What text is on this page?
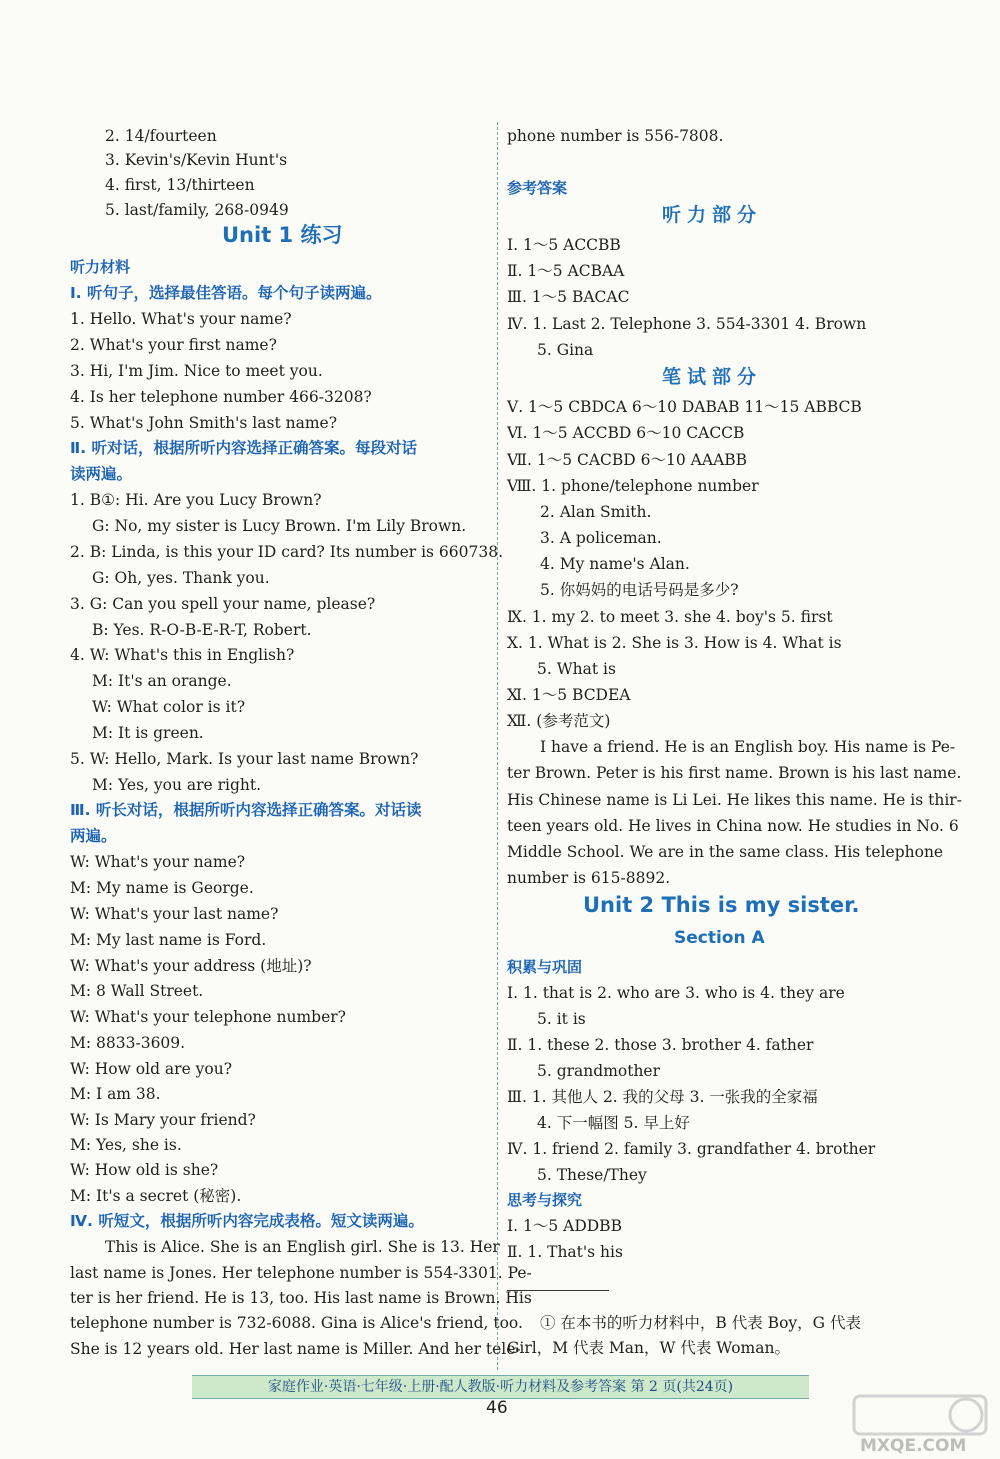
2. 14/fourteen
3. Kevin's/Kevin Hunt's
4. first, 13/thirteen
5. last/family, 268-0949
Unit 1 练习
听力材料
Ⅰ. 听句子，选择最佳答语。每个句子读两遍。
1. Hello. What's your name?
2. What's your first name?
3. Hi, I'm Jim. Nice to meet you.
4. Is her telephone number 466-3208?
5. What's John Smith's last name?
Ⅱ. 听对话，根据所听内容选择正确答案。每段对话
读两遍。
1. B①: Hi. Are you Lucy Brown?
G: No, my sister is Lucy Brown. I'm Lily Brown.
2. B: Linda, is this your ID card? Its number is 660738.
G: Oh, yes. Thank you.
3. G: Can you spell your name, please?
B: Yes. R-O-B-E-R-T, Robert.
4. W: What's this in English?
M: It's an orange.
W: What color is it?
M: It is green.
5. W: Hello, Mark. Is your last name Brown?
M: Yes, you are right.
Ⅲ. 听长对话，根据所听内容选择正确答案。对话读
两遍。
W: What's your name?
M: My name is George.
W: What's your last name?
M: My last name is Ford.
W: What's your address (地址)?
M: 8 Wall Street.
W: What's your telephone number?
M: 8833-3609.
W: How old are you?
M: I am 38.
W: Is Mary your friend?
M: Yes, she is.
W: How old is she?
M: It's a secret (秘密).
Ⅳ. 听短文，根据所听内容完成表格。短文读两遍。
This is Alice. She is an English girl. She is 13. Her
last name is Jones. Her telephone number is 554-3301. Pe-
ter is her friend. He is 13, too. His last name is Brown. His
telephone number is 732-6088. Gina is Alice's friend, too.
She is 12 years old. Her last name is Miller. And her tele-
phone number is 556-7808.
参考答案
听力部分
Ⅰ. 1～5 ACCBB
Ⅱ. 1～5 ACBAA
Ⅲ. 1～5 BACAC
Ⅳ. 1. Last 2. Telephone 3. 554-3301 4. Brown
5. Gina
笔试部分
Ⅴ. 1～5 CBDCA 6～10 DABAB 11～15 ABBCB
Ⅵ. 1～5 ACCBD 6～10 CACCB
Ⅶ. 1～5 CACBD 6～10 AAABB
Ⅷ. 1. phone/telephone number
2. Alan Smith.
3. A policeman.
4. My name's Alan.
5. 你妈妈的电话号码是多少?
Ⅸ. 1. my 2. to meet 3. she 4. boy's 5. first
Ⅹ. 1. What is 2. She is 3. How is 4. What is
5. What is
Ⅺ. 1～5 BCDEA
Ⅻ. (参考范文)
I have a friend. He is an English boy. His name is Pe-
ter Brown. Peter is his first name. Brown is his last name.
His Chinese name is Li Lei. He likes this name. He is thir-
teen years old. He lives in China now. He studies in No. 6
Middle School. We are in the same class. His telephone
number is 615-8892.
Unit 2 This is my sister.
Section A
积累与巩固
Ⅰ. 1. that is 2. who are 3. who is 4. they are
5. it is
Ⅱ. 1. these 2. those 3. brother 4. father
5. grandmother
Ⅲ. 1. 其他人 2. 我的父母 3. 一张我的全家福
4. 下一幅图 5. 早上好
Ⅳ. 1. friend 2. family 3. grandfather 4. brother
5. These/They
思考与探究
Ⅰ. 1～5 ADDBB
Ⅱ. 1. That's his
① 在本书的听力材料中，B 代表 Boy，G 代表
Girl，M 代表 Man，W 代表 Woman。
家庭作业·英语·七年级·上册·配人教版·听力材料及参考答案 第 2 页(共24页)
46
MXQE.COM
